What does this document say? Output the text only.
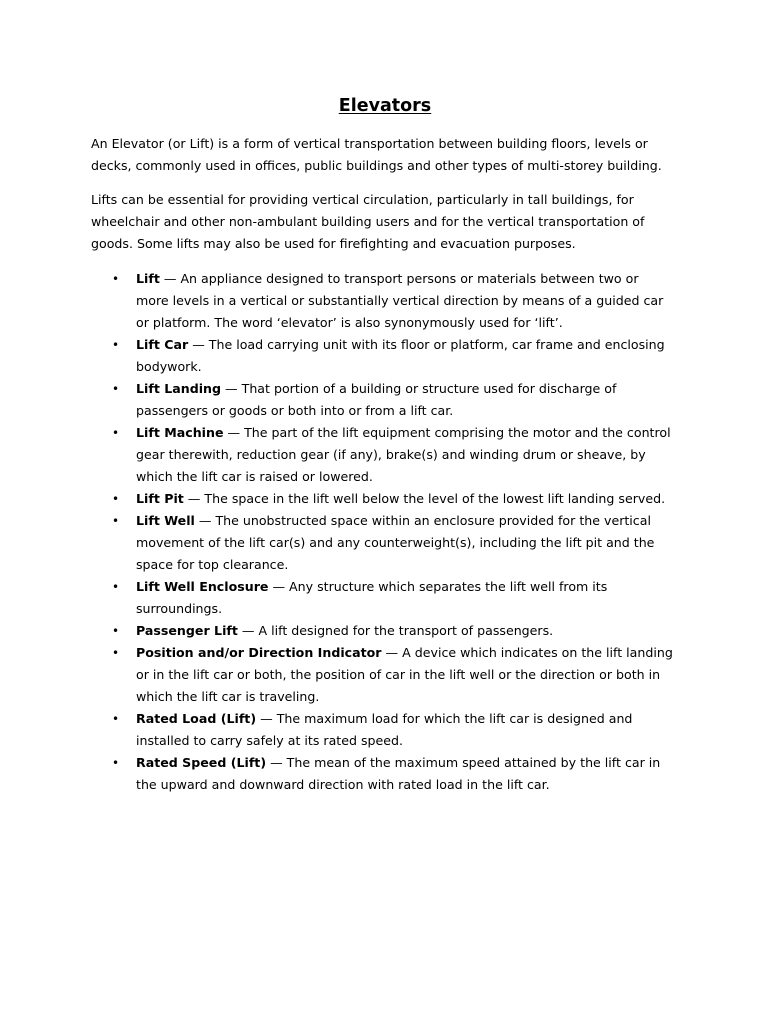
Elevators

An Elevator (or Lift) is a form of vertical transportation between building floors, levels or decks, commonly used in offices, public buildings and other types of multi-storey building.

Lifts can be essential for providing vertical circulation, particularly in tall buildings, for wheelchair and other non-ambulant building users and for the vertical transportation of goods. Some lifts may also be used for firefighting and evacuation purposes.

• Lift — An appliance designed to transport persons or materials between two or more levels in a vertical or substantially vertical direction by means of a guided car or platform. The word ‘elevator’ is also synonymously used for ‘lift’.
• Lift Car — The load carrying unit with its floor or platform, car frame and enclosing bodywork.
• Lift Landing — That portion of a building or structure used for discharge of passengers or goods or both into or from a lift car.
• Lift Machine — The part of the lift equipment comprising the motor and the control gear therewith, reduction gear (if any), brake(s) and winding drum or sheave, by which the lift car is raised or lowered.
• Lift Pit — The space in the lift well below the level of the lowest lift landing served.
• Lift Well — The unobstructed space within an enclosure provided for the vertical movement of the lift car(s) and any counterweight(s), including the lift pit and the space for top clearance.
• Lift Well Enclosure — Any structure which separates the lift well from its surroundings.
• Passenger Lift — A lift designed for the transport of passengers.
• Position and/or Direction Indicator — A device which indicates on the lift landing or in the lift car or both, the position of car in the lift well or the direction or both in which the lift car is traveling.
• Rated Load (Lift) — The maximum load for which the lift car is designed and installed to carry safely at its rated speed.
• Rated Speed (Lift) — The mean of the maximum speed attained by the lift car in the upward and downward direction with rated load in the lift car.
